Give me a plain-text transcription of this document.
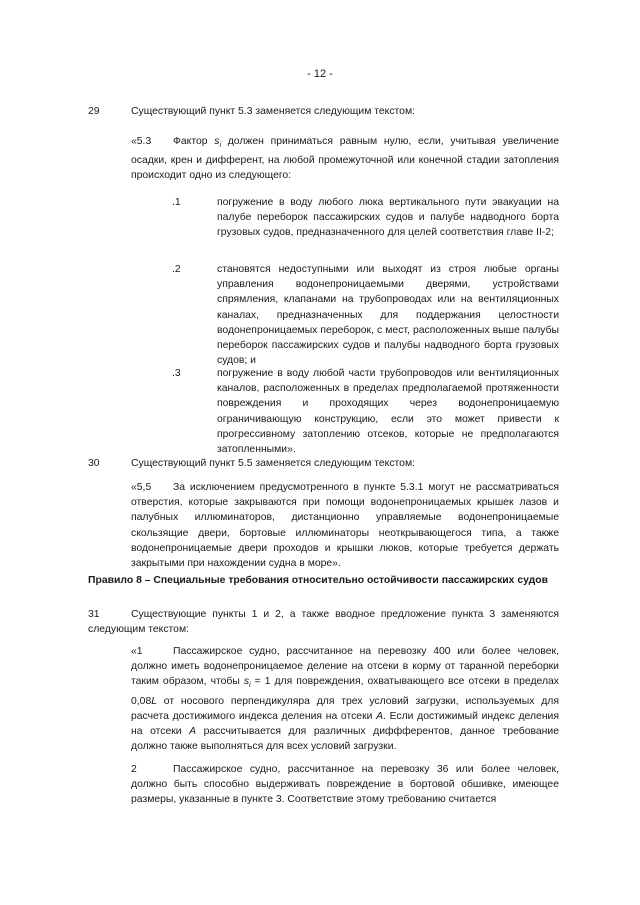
- 12 -
29	Существующий пункт 5.3 заменяется следующим текстом:
«5.3	Фактор $s_i$ должен приниматься равным нулю, если, учитывая увеличение осадки, крен и дифферент, на любой промежуточной или конечной стадии затопления происходит одно из следующего:
.1	погружение в воду любого люка вертикального пути эвакуации на палубе переборок пассажирских судов и палубе надводного борта грузовых судов, предназначенного для целей соответствия главе II-2;
.2	становятся недоступными или выходят из строя любые органы управления водонепроницаемыми дверями, устройствами спрямления, клапанами на трубопроводах или на вентиляционных каналах, предназначенных для поддержания целостности водонепроницаемых переборок, с мест, расположенных выше палубы переборок пассажирских судов и палубы надводного борта грузовых судов; и
.3	погружение в воду любой части трубопроводов или вентиляционных каналов, расположенных в пределах предполагаемой протяженности повреждения и проходящих через водонепроницаемую ограничивающую конструкцию, если это может привести к прогрессивному затоплению отсеков, которые не предполагаются затопленными».
30	Существующий пункт 5.5 заменяется следующим текстом:
«5,5	За исключением предусмотренного в пункте 5.3.1 могут не рассматриваться отверстия, которые закрываются при помощи водонепроницаемых крышек лазов и палубных иллюминаторов, дистанционно управляемые водонепроницаемые скользящие двери, бортовые иллюминаторы неоткрывающегося типа, а также водонепроницаемые двери проходов и крышки люков, которые требуется держать закрытыми при нахождении судна в море».
Правило 8 – Специальные требования относительно остойчивости пассажирских судов
31	Существующие пункты 1 и 2, а также вводное предложение пункта 3 заменяются следующим текстом:
«1	Пассажирское судно, рассчитанное на перевозку 400 или более человек, должно иметь водонепроницаемое деление на отсеки в корму от таранной переборки таким образом, чтобы $s_i = 1$ для повреждения, охватывающего все отсеки в пределах 0,08L от носового перпендикуляра для трех условий загрузки, используемых для расчета достижимого индекса деления на отсеки A. Если достижимый индекс деления на отсеки A рассчитывается для различных диффферентов, данное требование должно также выполняться для всех условий загрузки.
2	Пассажирское судно, рассчитанное на перевозку 36 или более человек, должно быть способно выдерживать повреждение в бортовой обшивке, имеющее размеры, указанные в пункте 3. Соответствие этому требованию считается
